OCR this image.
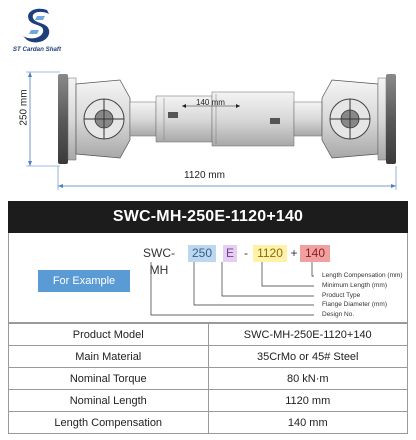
ST Cardan Shaft
250 mm	140 mm
1120 mm
SWC-MH-250E-1120+140
For Example
SWC-MH
250	E - 1120 + 140
Length Compensation (mm)
Minimum Length (mm)
Product Type
Flange Diameter (mm)
Design No.
Product Model	SWC-MH-250E-1120+140
Main Material	35CrMo or 45# Steel
Nominal Torque	80 kN·m
Nominal Length	1120 mm
Length Compensation	140 mm
